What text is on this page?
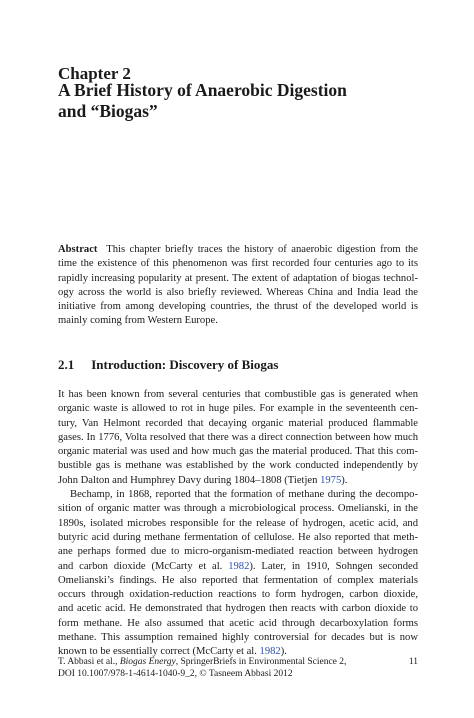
Chapter 2
A Brief History of Anaerobic Digestion
and “Biogas”
Abstract This chapter briefly traces the history of anaerobic digestion from the
time the existence of this phenomenon was first recorded four centuries ago to its
rapidly increasing popularity at present. The extent of adaptation of biogas technol-
ogy across the world is also briefly reviewed. Whereas China and India lead the
initiative from among developing countries, the thrust of the developed world is
mainly coming from Western Europe.
2.1 Introduction: Discovery of Biogas
It has been known from several centuries that combustible gas is generated when
organic waste is allowed to rot in huge piles. For example in the seventeenth cen-
tury, Van Helmont recorded that decaying organic material produced flammable
gases. In 1776, Volta resolved that there was a direct connection between how much
organic material was used and how much gas the material produced. That this com-
bustible gas is methane was established by the work conducted independently by
John Dalton and Humphrey Davy during 1804–1808 (Tietjen 1975).
Bechamp, in 1868, reported that the formation of methane during the decompo-
sition of organic matter was through a microbiological process. Omelianski, in the
1890s, isolated microbes responsible for the release of hydrogen, acetic acid, and
butyric acid during methane fermentation of cellulose. He also reported that meth-
ane perhaps formed due to micro-organism-mediated reaction between hydrogen
and carbon dioxide (McCarty et al. 1982). Later, in 1910, Sohngen seconded
Omelianski’s findings. He also reported that fermentation of complex materials
occurs through oxidation-reduction reactions to form hydrogen, carbon dioxide,
and acetic acid. He demonstrated that hydrogen then reacts with carbon dioxide to
form methane. He also assumed that acetic acid through decarboxylation forms
methane. This assumption remained highly controversial for decades but is now
known to be essentially correct (McCarty et al. 1982).
T. Abbasi et al., Biogas Energy, SpringerBriefs in Environmental Science 2,
DOI 10.1007/978-1-4614-1040-9_2, © Tasneem Abbasi 2012
11
